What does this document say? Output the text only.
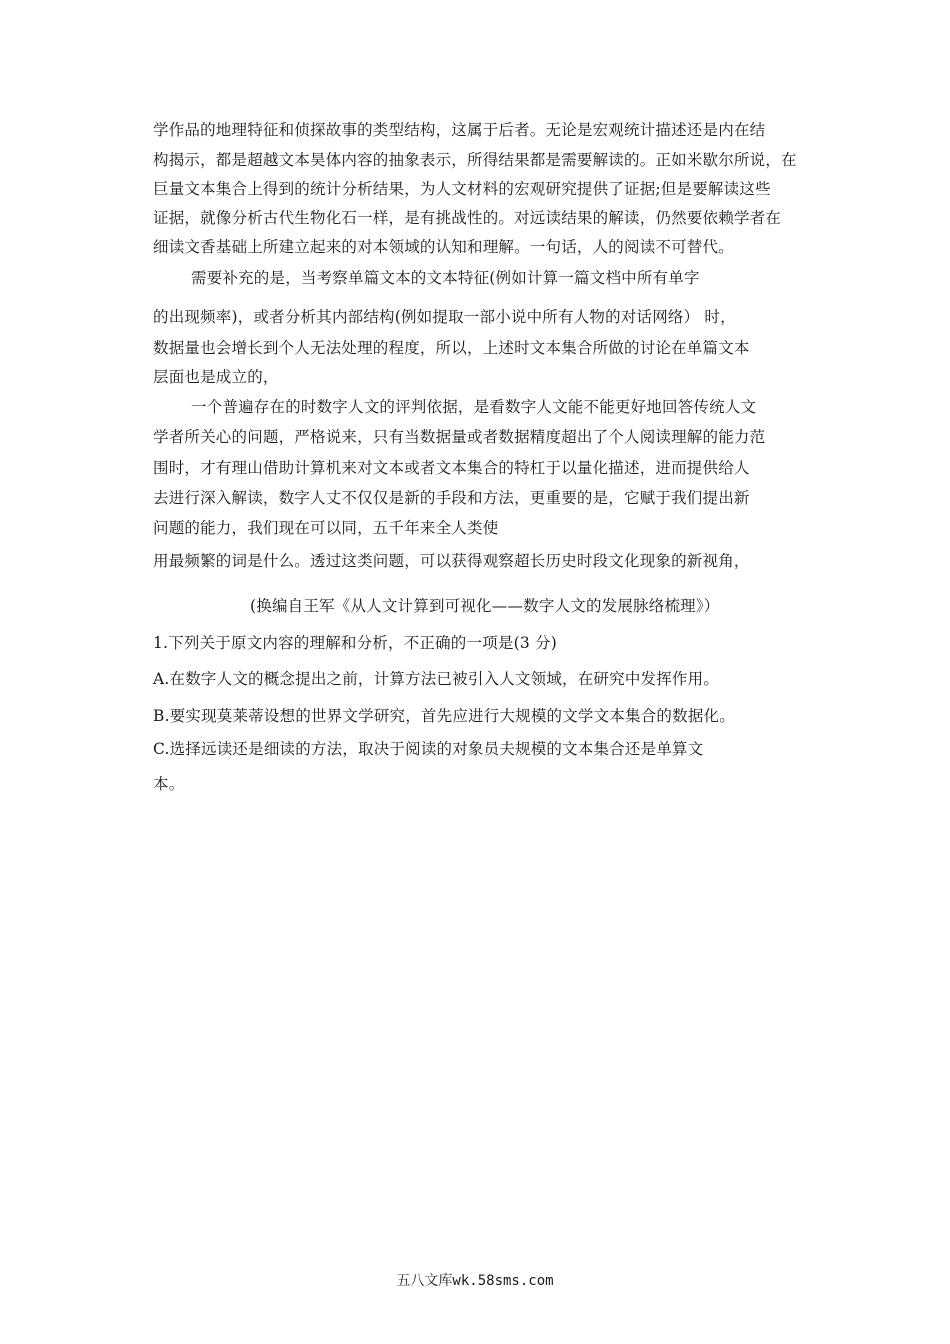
学作品的地理特征和侦探故事的类型结构，这属于后者。无论是宏观统计描述还是内在结
构揭示，都是超越文本昊体内容的抽象表示，所得结果都是需要解读的。正如米歇尔所说，在
巨量文本集合上得到的统计分析结果，为人文材料的宏观研究提供了证据;但是要解读这些
证据，就像分析古代生物化石一样，是有挑战性的。对远读结果的解读，仍然要依赖学者在
细读文香基础上所建立起来的对本领域的认知和理解。一句话，人的阅读不可替代。
需要补充的是，当考察单篇文本的文本特征(例如计算一篇文档中所有单字
的出现频率)，或者分析其内部结构(例如提取一部小说中所有人物的对话网络） 时，
数据量也会增长到个人无法处理的程度，所以，上述时文本集合所做的讨论在单篇文本
层面也是成立的，
一个普遍存在的时数字人文的评判依据，是看数字人文能不能更好地回答传统人文
学者所关心的问题，严格说来，只有当数据量或者数据精度超出了个人阅读理解的能力范
围时，才有理山借助计算机来对文本或者文本集合的特杠于以量化描述，进而提供给人
去进行深入解读，数字人丈不仅仅是新的手段和方法，更重要的是，它赋于我们提出新
问题的能力，我们现在可以同，五千年来全人类使
用最频繁的词是什么。透过这类问题，可以获得观察超长历史时段文化现象的新视角，
(换编自王军《从人文计算到可视化——数字人文的发展脉络梳理》）
1.下列关于原文内容的理解和分析，不正确的一项是(3 分)
A.在数字人文的概念提出之前，计算方法已被引入人文领域，在研究中发挥作用。
B.要实现莫莱蒂设想的世界文学研究，首先应进行大规模的文学文本集合的数据化。
C.选择远读还是细读的方法，取决于阅读的对象员夫规模的文本集合还是单算文
本。
五八文库wk.58sms.com
